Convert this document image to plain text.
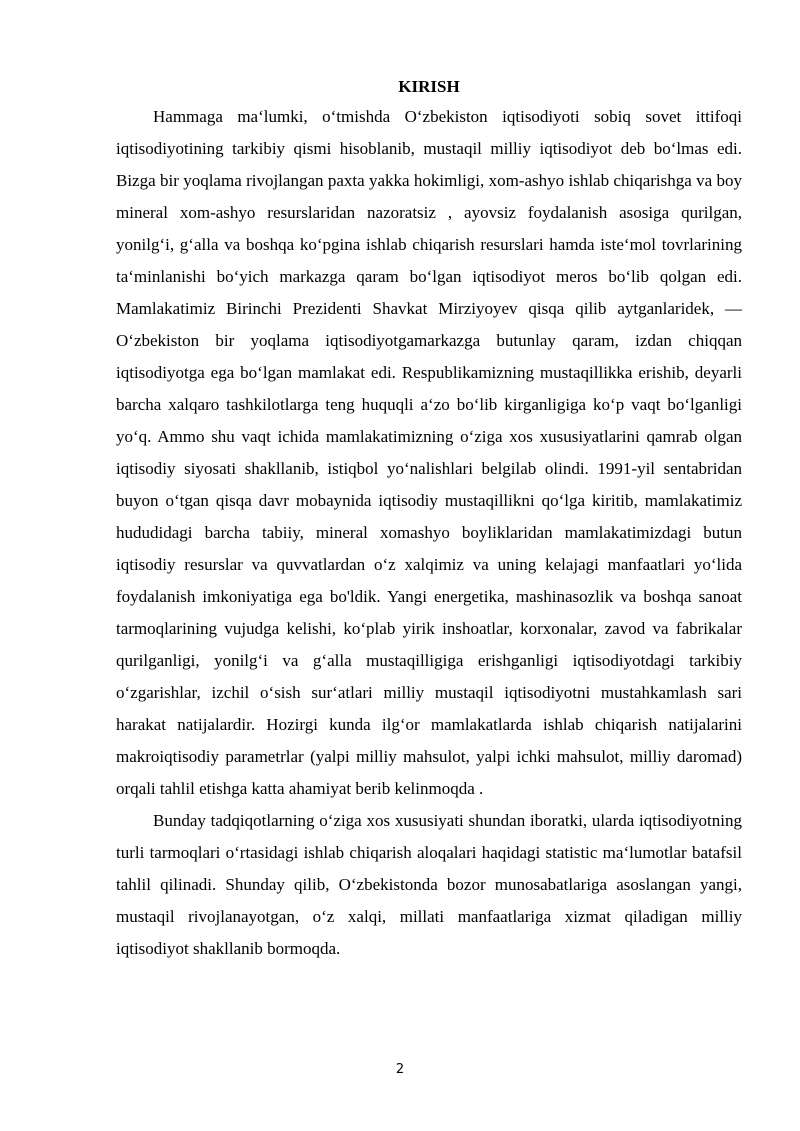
KIRISH

Hammaga ma‘lumki, o‘tmishda O‘zbekiston iqtisodiyoti sobiq sovet ittifoqi iqtisodiyotining tarkibiy qismi hisoblanib, mustaqil milliy iqtisodiyot deb bo‘lmas edi. Bizga bir yoqlama rivojlangan paxta yakka hokimligi, xom-ashyo ishlab chiqarishga va boy mineral xom-ashyo resurslaridan nazoratsiz , ayovsiz foydalanish asosiga qurilgan, yonilg‘i, g‘alla va boshqa ko‘pgina ishlab chiqarish resurslari hamda iste‘mol tovrlarining ta‘minlanishi bo‘yich markazga qaram bo‘lgan iqtisodiyot meros bo‘lib qolgan edi. Mamlakatimiz Birinchi Prezidenti Shavkat Mirziyoyev qisqa qilib aytganlaridek, — O‘zbekiston bir yoqlama iqtisodiyotgamarkazga butunlay qaram, izdan chiqqan iqtisodiyotga ega bo‘lgan mamlakat edi. Respublikamizning mustaqillikka erishib, deyarli barcha xalqaro tashkilotlarga teng huquqli a‘zo bo‘lib kirganligiga ko‘p vaqt bo‘lganligi yo‘q. Ammo shu vaqt ichida mamlakatimizning o‘ziga xos xususiyatlarini qamrab olgan iqtisodiy siyosati shakllanib, istiqbol yo‘nalishlari belgilab olindi. 1991-yil sentabridan buyon o‘tgan qisqa davr mobaynida iqtisodiy mustaqillikni qo‘lga kiritib, mamlakatimiz hududidagi barcha tabiiy, mineral xomashyo boyliklaridan mamlakatimizdagi butun iqtisodiy resurslar va quvvatlardan o‘z xalqimiz va uning kelajagi manfaatlari yo‘lida foydalanish imkoniyatiga ega bo'ldik. Yangi energetika, mashinasozlik va boshqa sanoat tarmoqlarining vujudga kelishi, ko‘plab yirik inshoatlar, korxonalar, zavod va fabrikalar qurilganligi, yonilg‘i va g‘alla mustaqilligiga erishganligi iqtisodiyotdagi tarkibiy o‘zgarishlar, izchil o‘sish sur‘atlari milliy mustaqil iqtisodiyotni mustahkamlash sari harakat natijalardir. Hozirgi kunda ilg‘or mamlakatlarda ishlab chiqarish natijalarini makroiqtisodiy parametrlar (yalpi milliy mahsulot, yalpi ichki mahsulot, milliy daromad) orqali tahlil etishga katta ahamiyat berib kelinmoqda .

Bunday tadqiqotlarning o‘ziga xos xususiyati shundan iboratki, ularda iqtisodiyotning turli tarmoqlari o‘rtasidagi ishlab chiqarish aloqalari haqidagi statistic ma‘lumotlar batafsil tahlil qilinadi. Shunday qilib, O‘zbekistonda bozor munosabatlariga asoslangan yangi, mustaqil rivojlanayotgan, o‘z xalqi, millati manfaatlariga xizmat qiladigan milliy iqtisodiyot shakllanib bormoqda.

2
